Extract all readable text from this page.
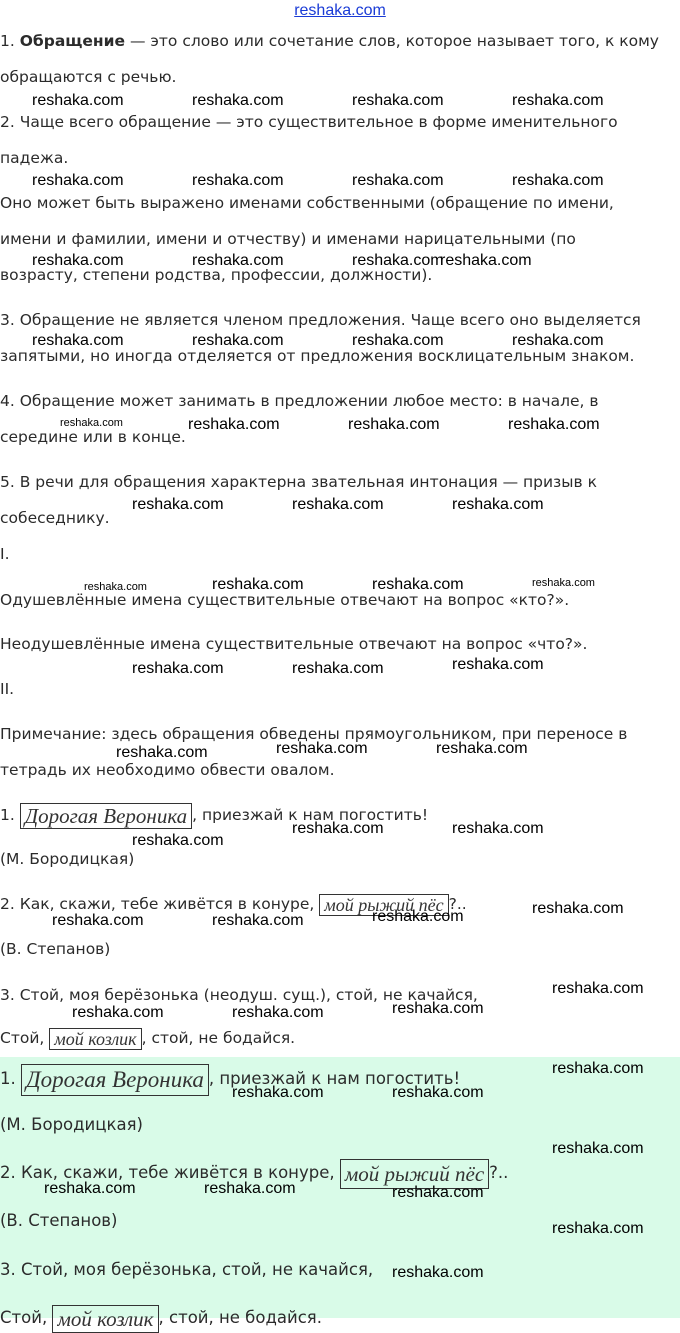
reshaka.com
1. Обращение — это слово или сочетание слов, которое называет того, к кому
обращаются с речью.
2. Чаще всего обращение — это существительное в форме именительного
падежа.
Оно может быть выражено именами собственными (обращение по имени,
имени и фамилии, имени и отчеству) и именами нарицательными (по
возрасту, степени родства, профессии, должности).
3. Обращение не является членом предложения. Чаще всего оно выделяется
запятыми, но иногда отделяется от предложения восклицательным знаком.
4. Обращение может занимать в предложении любое место: в начале, в
середине или в конце.
5. В речи для обращения характерна звательная интонация — призыв к
собеседнику.
I.
Одушевлённые имена существительные отвечают на вопрос «кто?».
Неодушевлённые имена существительные отвечают на вопрос «что?».
II.
Примечание: здесь обращения обведены прямоугольником, при переносе в
тетрадь их необходимо обвести овалом.
1. Дорогая Вероника , приезжай к нам погостить!
(М. Бородицкая)
2. Как, скажи, тебе живётся в конуре, мой рыжий пёс ?..
(В. Степанов)
3. Стой, моя берёзонька (неодуш. сущ.), стой, не качайся,
Стой, мой козлик , стой, не бодайся.
1. Дорогая Вероника , приезжай к нам погостить!
(М. Бородицкая)
2. Как, скажи, тебе живётся в конуре, мой рыжий пёс ?..
(В. Степанов)
3. Стой, моя берёзонька, стой, не качайся,
Стой, мой козлик , стой, не бодайся.
reshaka.com	reshaka.com	reshaka.com	reshaka.com
reshaka.com	reshaka.com	reshaka.com	reshaka.com
reshaka.com	reshaka.com	reshaka.com
reshaka.com
reshaka.com	reshaka.com	reshaka.com	reshaka.com
reshaka.com	reshaka.com	reshaka.com	reshaka.com
reshaka.com	reshaka.com	reshaka.com
reshaka.com	reshaka.com	reshaka.com	reshaka.com
reshaka.com	reshaka.com	reshaka.com
reshaka.com	reshaka.com	reshaka.com
reshaka.com	reshaka.com
reshaka.com
reshaka.com	reshaka.com
reshaka.com	reshaka.com
reshaka.com
reshaka.com
reshaka.com	reshaka.com
reshaka.com
reshaka.com	reshaka.com
reshaka.com
reshaka.com	reshaka.com	reshaka.com
reshaka.com
reshaka.com
